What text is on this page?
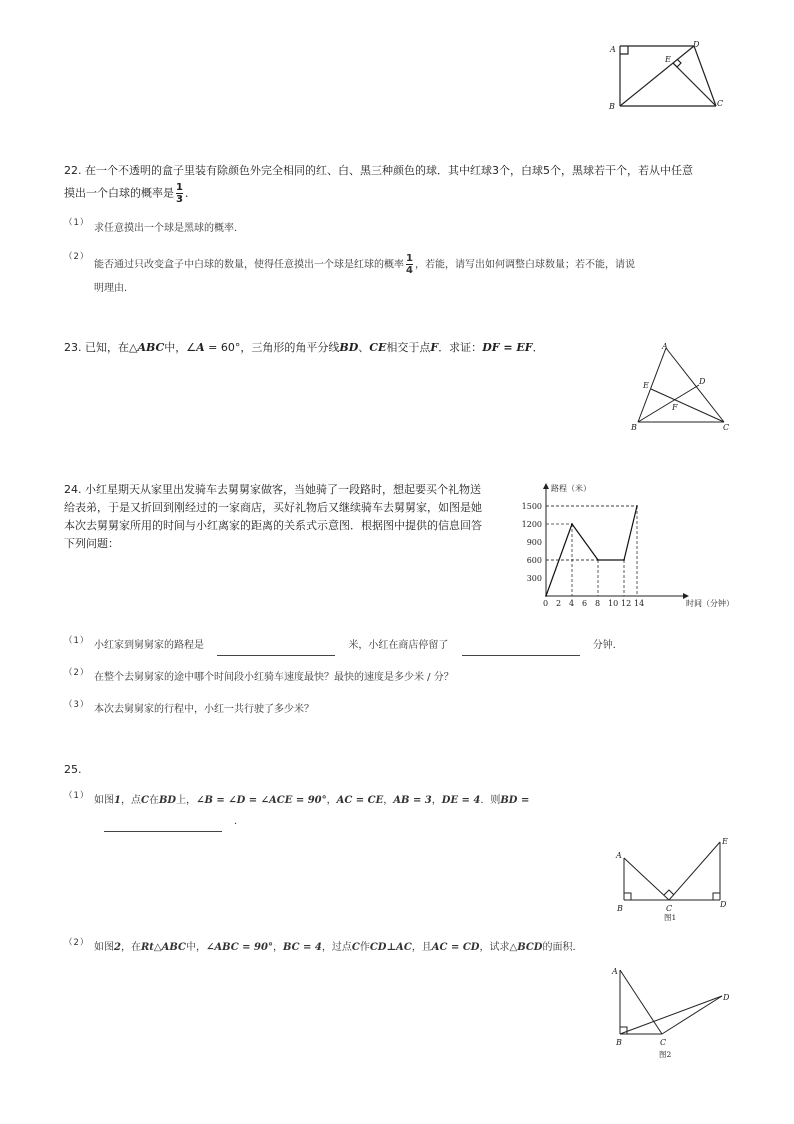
A
B	C
D
E
22. 在一个不透明的盒子里装有除颜色外完全相同的红、白、黑三种颜色的球．其中红球3个，白球5个，黑球若干个，若从中任意
摸出一个白球的概率是 $\frac{1}{3}$ ．
（1） 求任意摸出一个球是黑球的概率．
（2）
能否通过只改变盒子中白球的数量，使得任意摸出一个球是红球的概率 $\frac{1}{4}$ ，若能，请写出如何调整白球数量；若不能，请说
明理由．
23. 已知，在△ABC中，∠A = 60°，三角形的角平分线BD、CE相交于点F．求证：DF = EF．	A
B	C
D
E
F
24. 小红星期天从家里出发骑车去舅舅家做客，当她骑了一段路时，想起要买个礼物送
给表弟，于是又折回到刚经过的一家商店，买好礼物后又继续骑车去舅舅家，如图是她
本次去舅舅家所用的时间与小红离家的距离的关系式示意图．根据图中提供的信息回答
下列问题：
0 2 4 6 8 10 12 14
300
600
900
1200
1500
路程（米）
时间（分钟）
（1） 小红家到舅舅家的路程是	米，小红在商店停留了	分钟．
（2） 在整个去舅舅家的途中哪个时间段小红骑车速度最快？最快的速度是多少米 / 分？
（3） 本次去舅舅家的行程中，小红一共行驶了多少米？
25.
（1） 如图1，点C在BD上，∠B = ∠D = ∠ACE = 90°，AC = CE，AB = 3，DE = 4．则BD =
．
A
B	C	D
E
图1
（2） 如图2，在Rt△ABC中，∠ABC = 90°，BC = 4，过点C作CD⊥AC，且AC = CD，试求△BCD的面积．
A
B	C
D
图2
